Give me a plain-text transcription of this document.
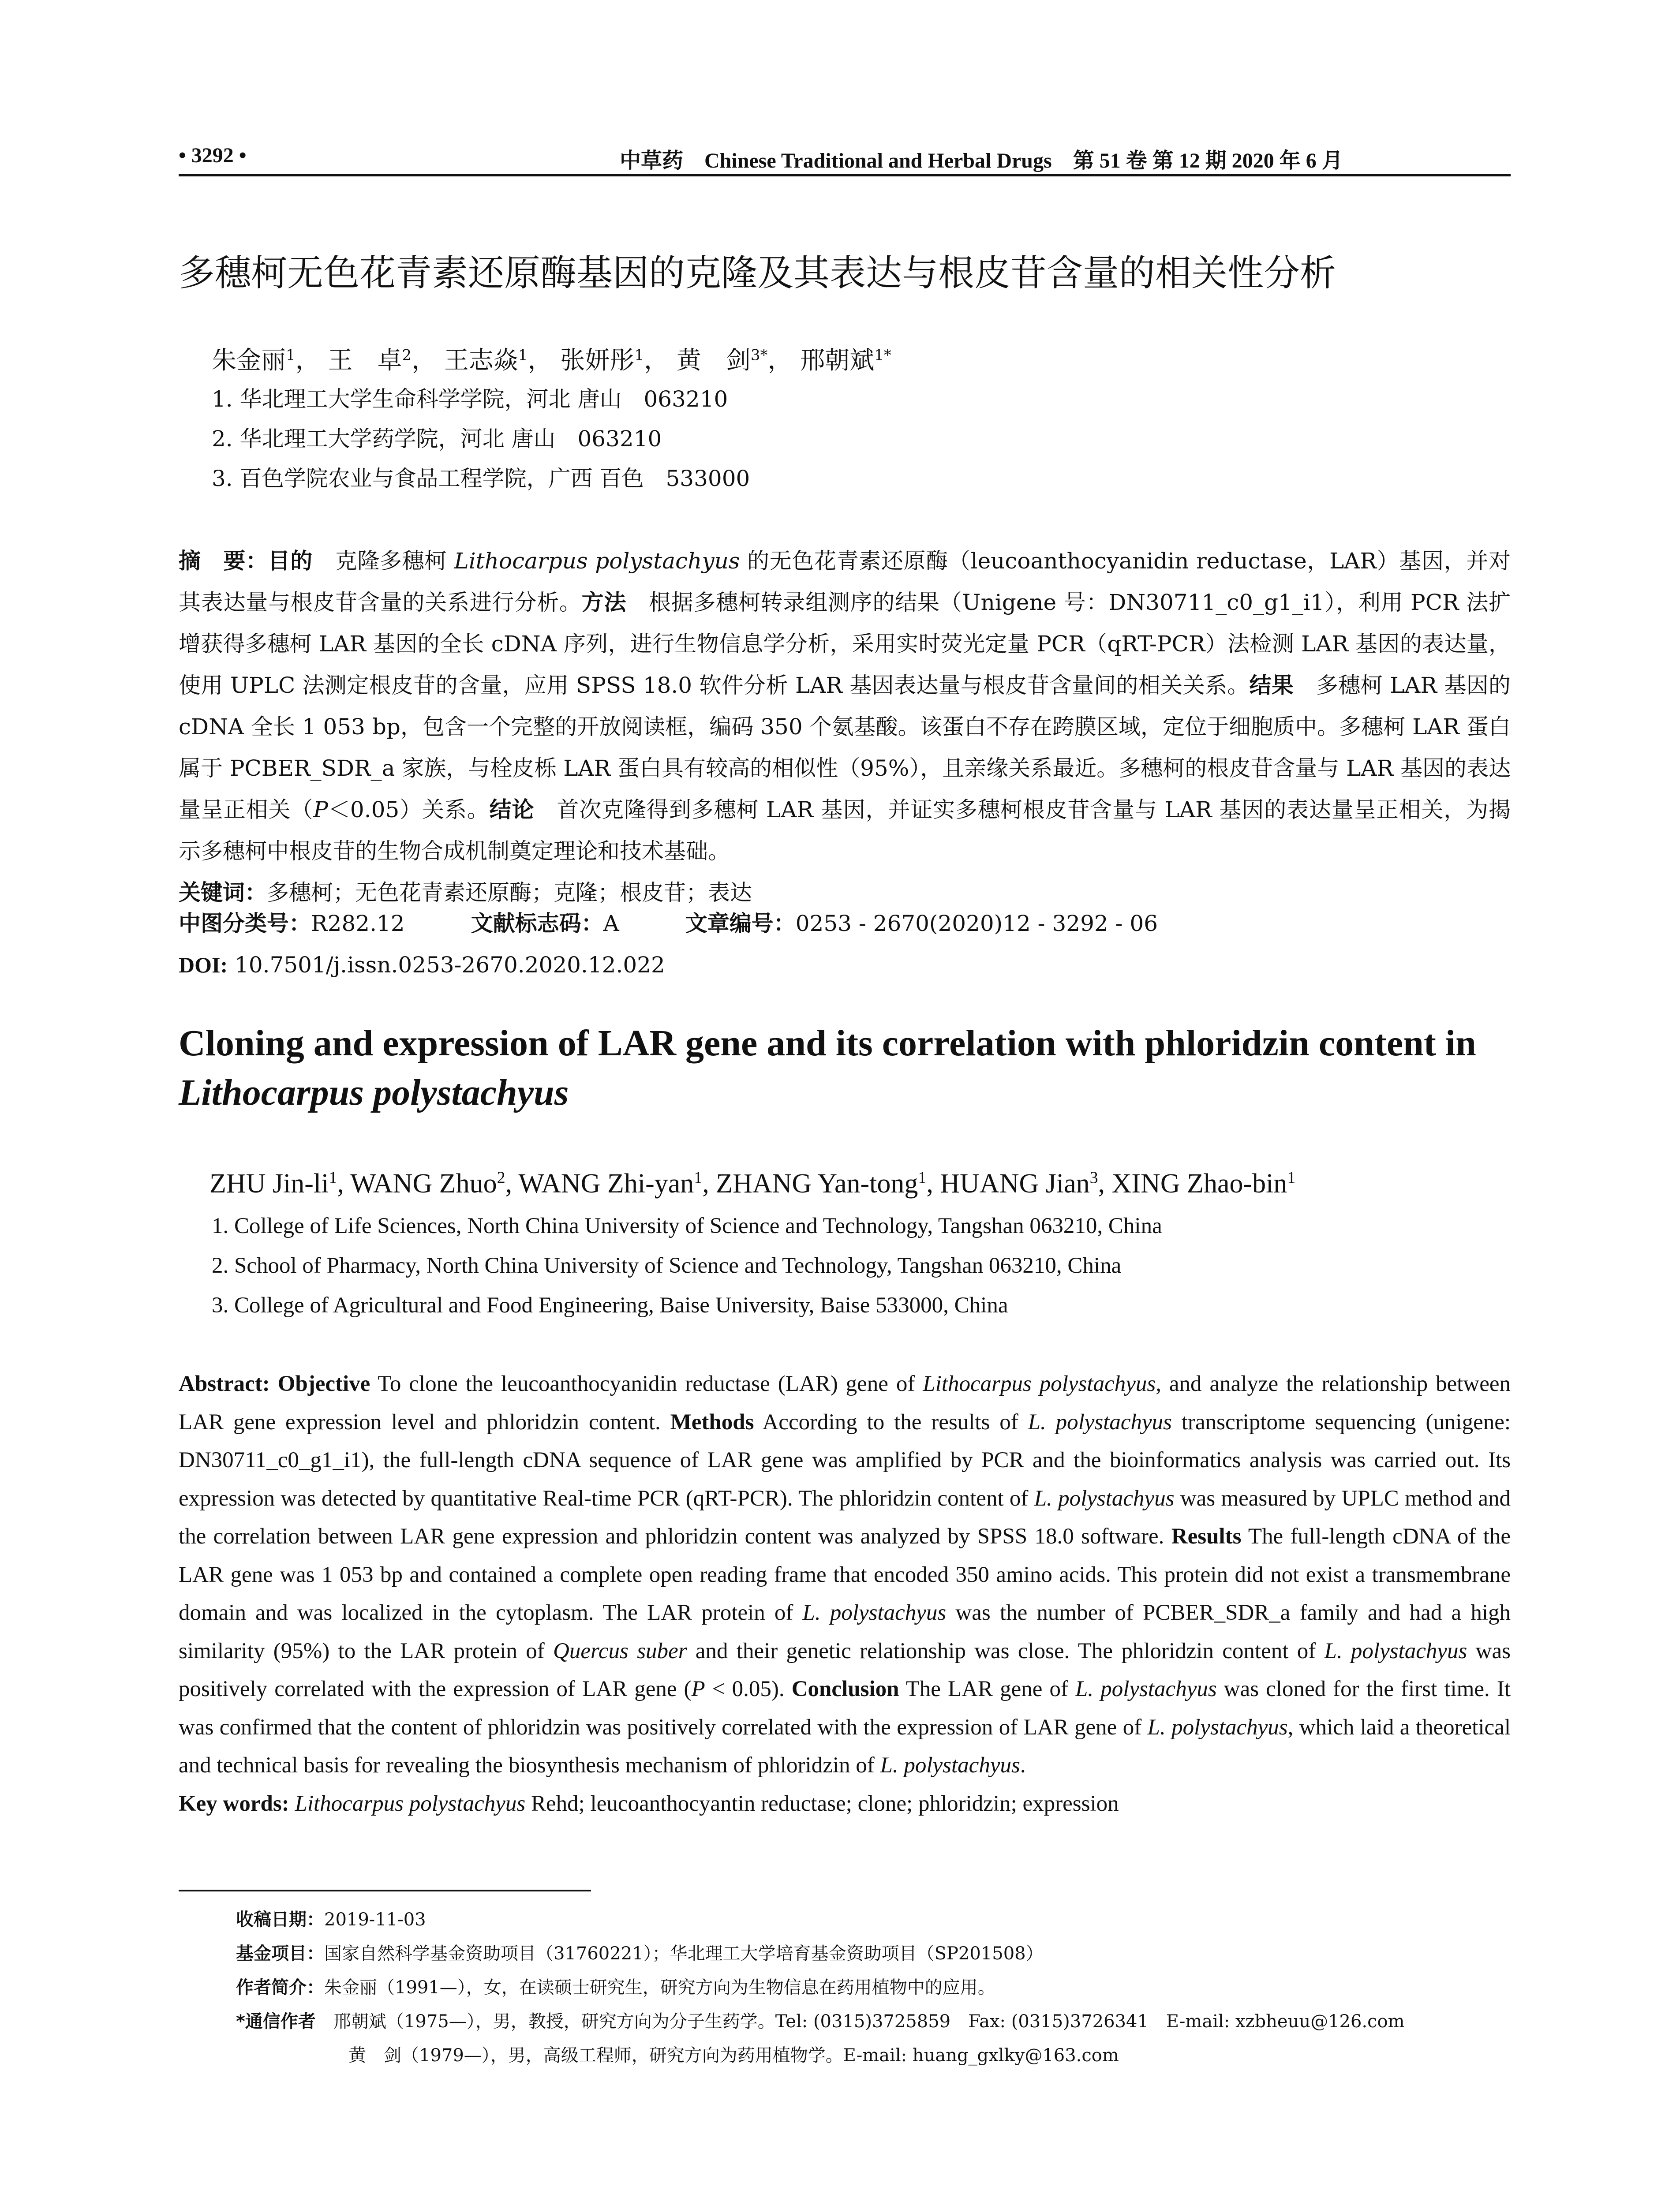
• 3292 •	中草药 Chinese Traditional and Herbal Drugs 第 51 卷 第 12 期 2020 年 6 月
多穗柯无色花青素还原酶基因的克隆及其表达与根皮苷含量的相关性分析
朱金丽$^1$， 王　卓$^2$， 王志焱$^1$， 张妍彤$^1$， 黄　剑$^{3*}$， 邢朝斌$^{1*}$
1. 华北理工大学生命科学学院，河北 唐山　063210
2. 华北理工大学药学院，河北 唐山　063210
3. 百色学院农业与食品工程学院，广西 百色　533000

摘　要：目的　克隆多穗柯 Lithocarpus polystachyus 的无色花青素还原酶（leucoanthocyanidin reductase，LAR）基因，并对其表达量与根皮苷含量的关系进行分析。方法　根据多穗柯转录组测序的结果（Unigene 号：DN30711_c0_g1_i1），利用 PCR 法扩增获得多穗柯 LAR 基因的全长 cDNA 序列，进行生物信息学分析，采用实时荧光定量 PCR（qRT-PCR）法检测 LAR 基因的表达量，使用 UPLC 法测定根皮苷的含量，应用 SPSS 18.0 软件分析 LAR 基因表达量与根皮苷含量间的相关关系。结果　多穗柯 LAR 基因的 cDNA 全长 1 053 bp，包含一个完整的开放阅读框，编码 350 个氨基酸。该蛋白不存在跨膜区域，定位于细胞质中。多穗柯 LAR 蛋白属于 PCBER_SDR_a 家族，与栓皮栎 LAR 蛋白具有较高的相似性（95%），且亲缘关系最近。多穗柯的根皮苷含量与 LAR 基因的表达量呈正相关（P＜0.05）关系。结论　首次克隆得到多穗柯 LAR 基因，并证实多穗柯根皮苷含量与 LAR 基因的表达量呈正相关，为揭示多穗柯中根皮苷的生物合成机制奠定理论和技术基础。

关键词：多穗柯；无色花青素还原酶；克隆；根皮苷；表达

中图分类号：R282.12	文献标志码：A	文章编号：0253 - 2670(2020)12 - 3292 - 06
DOI: 10.7501/j.issn.0253-2670.2020.12.022
Cloning and expression of LAR gene and its correlation with phloridzin content in Lithocarpus polystachyus
ZHU Jin-$li^1$, WANG Zhuo$^2$, WANG Zhi-yan$^1$, ZHANG Yan-tong$^1$, HUANG Jian$^3$, XING Zhao-bin$^1$
1. College of Life Sciences, North China University of Science and Technology, Tangshan 063210, China
2. School of Pharmacy, North China University of Science and Technology, Tangshan 063210, China
3. College of Agricultural and Food Engineering, Baise University, Baise 533000, China

Abstract: Objective To clone the leucoanthocyanidin reductase (LAR) gene of Lithocarpus polystachyus, and analyze the relationship between LAR gene expression level and phloridzin content. Methods According to the results of L. polystachyus transcriptome sequencing (unigene: DN30711_c0_g1_i1), the full-length cDNA sequence of LAR gene was amplified by PCR and the bioinformatics analysis was carried out. Its expression was detected by quantitative Real-time PCR (qRT-PCR). The phloridzin content of L. polystachyus was measured by UPLC method and the correlation between LAR gene expression and phloridzin content was analyzed by SPSS 18.0 software. Results The full-length cDNA of the LAR gene was 1 053 bp and contained a complete open reading frame that encoded 350 amino acids. This protein did not exist a transmembrane domain and was localized in the cytoplasm. The LAR protein of L. polystachyus was the number of PCBER_SDR_a family and had a high similarity (95%) to the LAR protein of Quercus suber and their genetic relationship was close. The phloridzin content of L. polystachyus was positively correlated with the expression of LAR gene (P < 0.05). Conclusion The LAR gene of L. polystachyus was cloned for the first time. It was confirmed that the content of phloridzin was positively correlated with the expression of LAR gene of L. polystachyus, which laid a theoretical and technical basis for revealing the biosynthesis mechanism of phloridzin of L. polystachyus.

Key words: Lithocarpus polystachyus Rehd; leucoanthocyantin reductase; clone; phloridzin; expression

收稿日期：2019-11-03

基金项目：国家自然科学基金资助项目（31760221）；华北理工大学培育基金资助项目（SP201508）

作者简介：朱金丽（1991—），女，在读硕士研究生，研究方向为生物信息在药用植物中的应用。

*通信作者　邢朝斌（1975—），男，教授，研究方向为分子生药学。Tel: (0315)3725859　Fax: (0315)3726341　E-mail: xzbheuu@126.com

黄　剑（1979—），男，高级工程师，研究方向为药用植物学。E-mail: huang_gxlky@163.com
